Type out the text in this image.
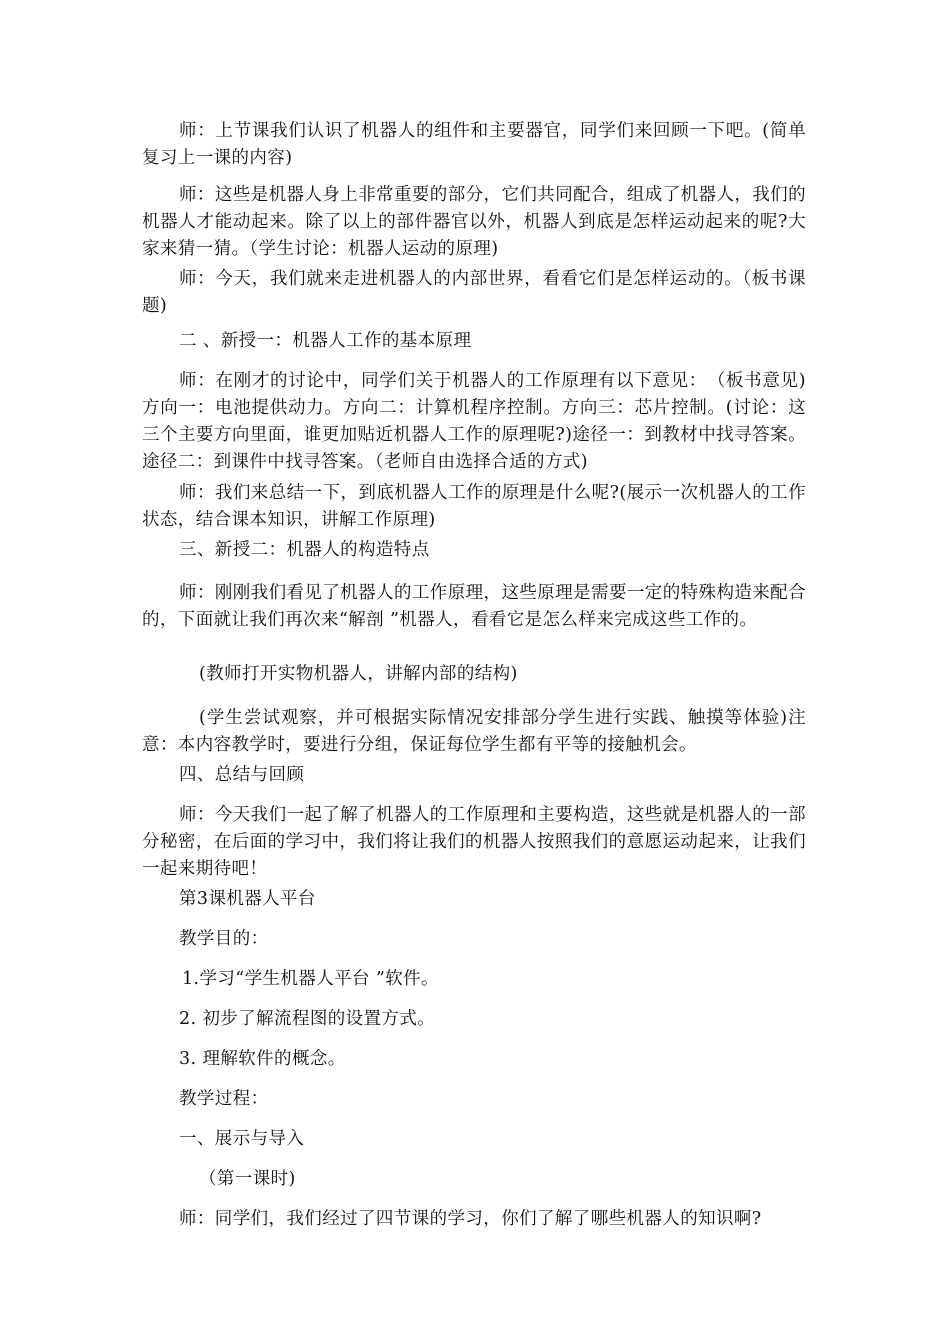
师：上节课我们认识了机器人的组件和主要器官，同学们来回顾一下吧。(简单复习上一课的内容)

师：这些是机器人身上非常重要的部分，它们共同配合，组成了机器人，我们的机器人才能动起来。除了以上的部件器官以外，机器人到底是怎样运动起来的呢?大家来猜一猜。（学生讨论：机器人运动的原理)

师：今天，我们就来走进机器人的内部世界，看看它们是怎样运动的。（板书课题)

二 、新授一：机器人工作的基本原理

师：在刚才的讨论中，同学们关于机器人的工作原理有以下意见：　（板书意见)方向一：电池提供动力。方向二：计算机程序控制。方向三：芯片控制。(讨论：这三个主要方向里面，谁更加贴近机器人工作的原理呢?)途径一：到教材中找寻答案。途径二：到课件中找寻答案。（老师自由选择合适的方式)

师：我们来总结一下，到底机器人工作的原理是什么呢?(展示一次机器人的工作状态，结合课本知识，讲解工作原理)

三、新授二：机器人的构造特点

师：刚刚我们看见了机器人的工作原理，这些原理是需要一定的特殊构造来配合的，下面就让我们再次来“解剖 ”机器人，看看它是怎么样来完成这些工作的。

(教师打开实物机器人，讲解内部的结构)

(学生尝试观察，并可根据实际情况安排部分学生进行实践、触摸等体验)注意：本内容教学时，要进行分组，保证每位学生都有平等的接触机会。

四、总结与回顾

师：今天我们一起了解了机器人的工作原理和主要构造，这些就是机器人的一部分秘密，在后面的学习中，我们将让我们的机器人按照我们的意愿运动起来，让我们一起来期待吧！

第3课机器人平台

教学目的：

1.学习“学生机器人平台 ”软件。

2. 初步了解流程图的设置方式。

3. 理解软件的概念。

教学过程：

一、展示与导入

（第一课时)

师：同学们，我们经过了四节课的学习，你们了解了哪些机器人的知识啊?
